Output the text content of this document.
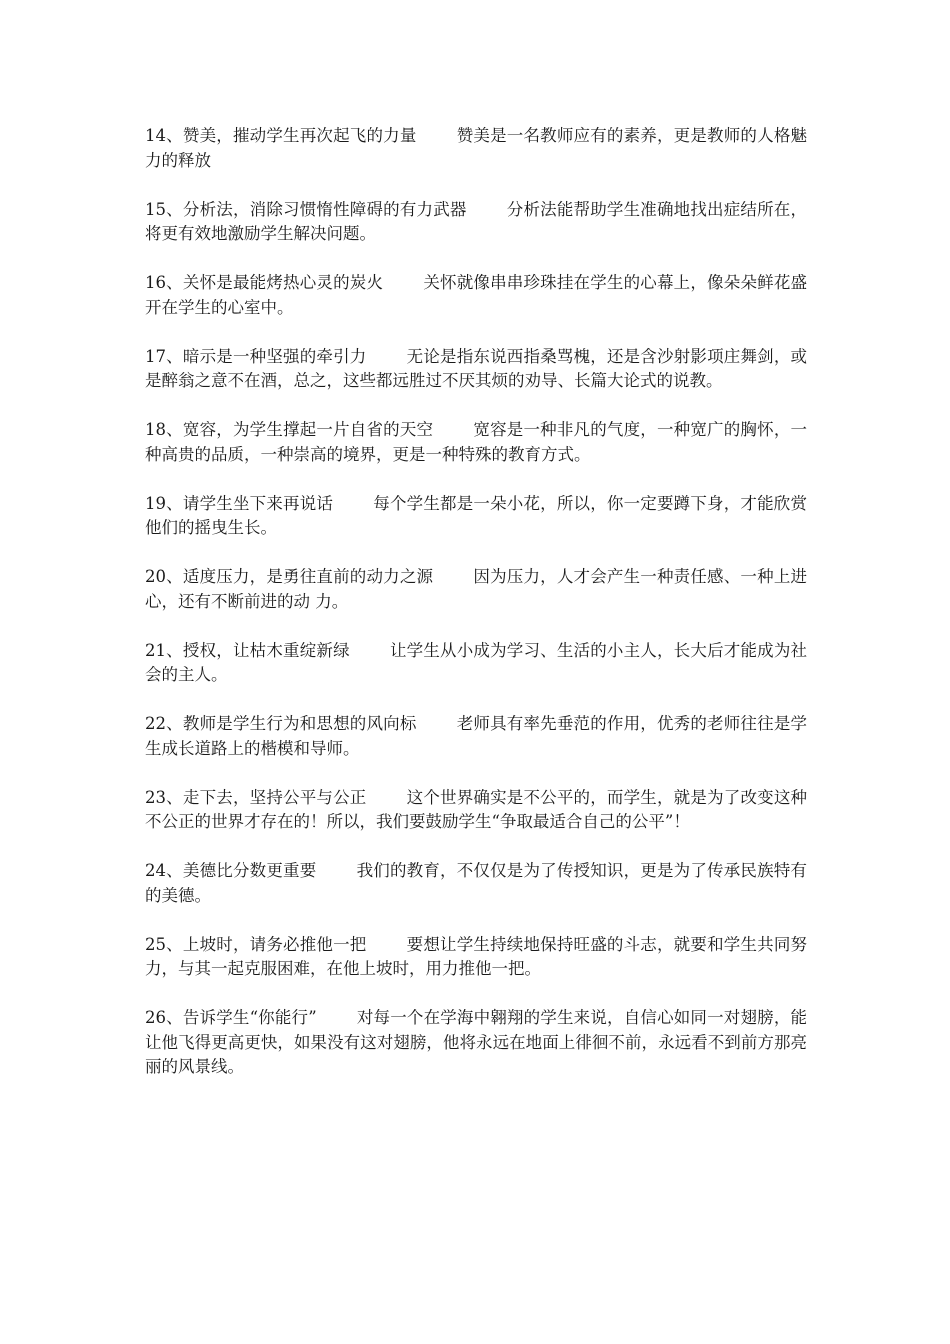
14、赞美，摧动学生再次起飞的力量 赞美是一名教师应有的素养，更是教师的人格魅力的释放

15、分析法，消除习惯惰性障碍的有力武器 分析法能帮助学生准确地找出症结所在，将更有效地激励学生解决问题。

16、关怀是最能烤热心灵的炭火 关怀就像串串珍珠挂在学生的心幕上，像朵朵鲜花盛开在学生的心室中。

17、暗示是一种坚强的牵引力 无论是指东说西指桑骂槐，还是含沙射影项庄舞剑，或是醉翁之意不在酒，总之，这些都远胜过不厌其烦的劝导、长篇大论式的说教。

18、宽容，为学生撑起一片自省的天空 宽容是一种非凡的气度，一种宽广的胸怀，一种高贵的品质，一种崇高的境界，更是一种特殊的教育方式。

19、请学生坐下来再说话 每个学生都是一朵小花，所以，你一定要蹲下身，才能欣赏他们的摇曳生长。

20、适度压力，是勇往直前的动力之源 因为压力，人才会产生一种责任感、一种上进心，还有不断前进的动 力。

21、授权，让枯木重绽新绿 让学生从小成为学习、生活的小主人，长大后才能成为社会的主人。

22、教师是学生行为和思想的风向标 老师具有率先垂范的作用，优秀的老师往往是学生成长道路上的楷模和导师。

23、走下去，坚持公平与公正 这个世界确实是不公平的，而学生，就是为了改变这种不公正的世界才存在的！所以，我们要鼓励学生“争取最适合自己的公平”！

24、美德比分数更重要 我们的教育，不仅仅是为了传授知识，更是为了传承民族特有的美德。

25、上坡时，请务必推他一把 要想让学生持续地保持旺盛的斗志，就要和学生共同努力，与其一起克服困难，在他上坡时，用力推他一把。

26、告诉学生“你能行” 对每一个在学海中翱翔的学生来说，自信心如同一对翅膀，能让他飞得更高更快，如果没有这对翅膀，他将永远在地面上徘徊不前，永远看不到前方那亮丽的风景线。
